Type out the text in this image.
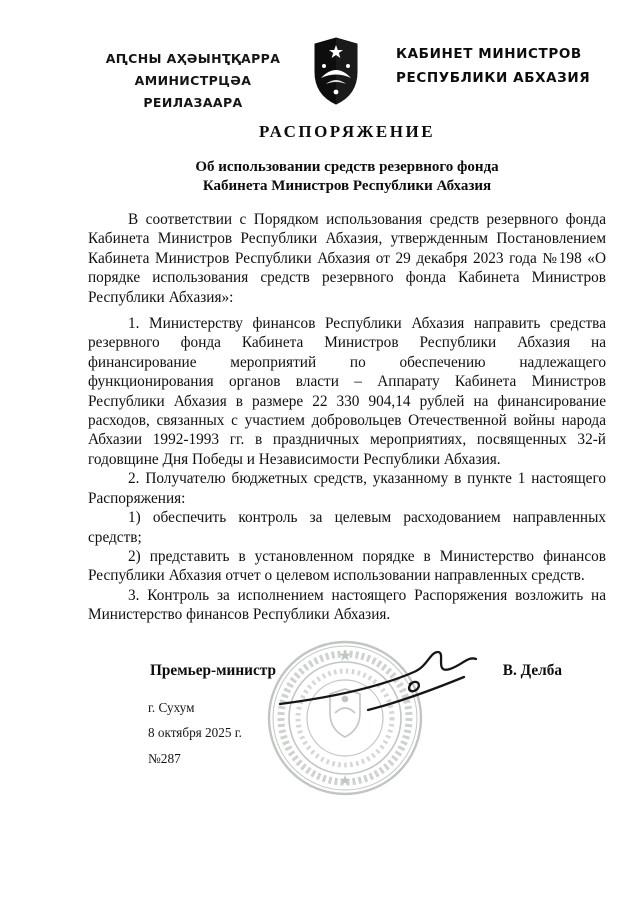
АԤСНЫ АҲӘЫНҬҚАРРА
АМИНИСТРЦӘА РЕИЛАЗААРА
КАБИНЕТ МИНИСТРОВ
РЕСПУБЛИКИ АБХАЗИЯ
РАСПОРЯЖЕНИЕ
Об использовании средств резервного фонда
Кабинета Министров Республики Абхазия

В соответствии с Порядком использования средств резервного фонда Кабинета Министров Республики Абхазия, утвержденным Постановлением Кабинета Министров Республики Абхазия от 29 декабря 2023 года №198 «О порядке использования средств резервного фонда Кабинета Министров Республики Абхазия»:

1. Министерству финансов Республики Абхазия направить средства резервного фонда Кабинета Министров Республики Абхазия на финансирование мероприятий по обеспечению надлежащего функционирования органов власти – Аппарату Кабинета Министров Республики Абхазия в размере 22 330 904,14 рублей на финансирование расходов, связанных с участием добровольцев Отечественной войны народа Абхазии 1992-1993 гг. в праздничных мероприятиях, посвященных 32-й годовщине Дня Победы и Независимости Республики Абхазия.

2. Получателю бюджетных средств, указанному в пункте 1 настоящего Распоряжения:

1) обеспечить контроль за целевым расходованием направленных средств;

2) представить в установленном порядке в Министерство финансов Республики Абхазия отчет о целевом использовании направленных средств.

3. Контроль за исполнением настоящего Распоряжения возложить на Министерство финансов Республики Абхазия.

Премьер-министр	В. Делба
г. Сухум
8 октября 2025 г.
№287
